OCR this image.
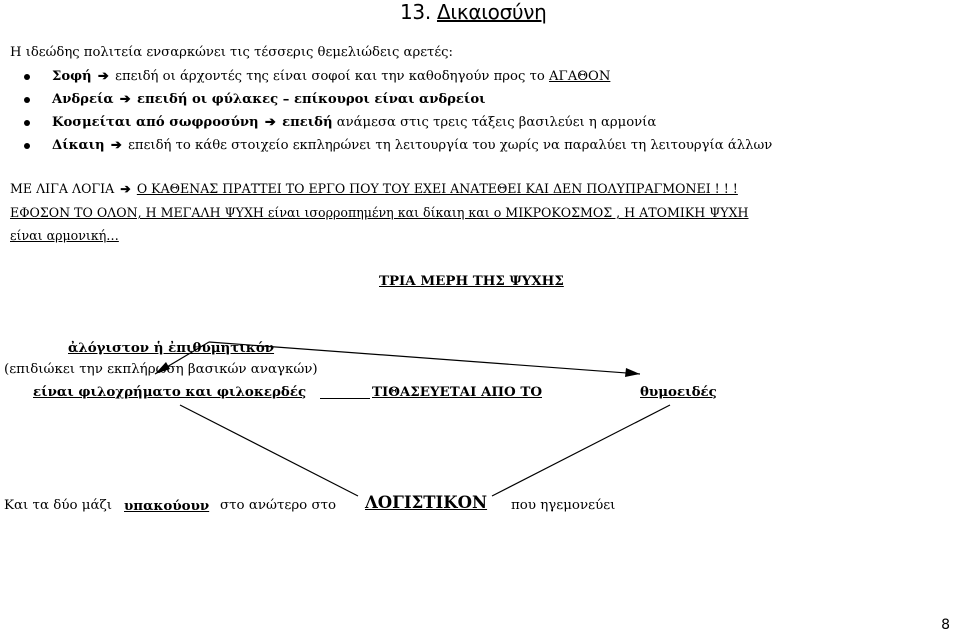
13. Δικαιοσύνη
Η ιδεώδης πολιτεία ενσαρκώνει τις τέσσερις θεμελιώδεις αρετές:
Σοφή ➔ επειδή οι άρχοντές της είναι σοφοί και την καθοδηγούν προς το ΑΓΑΘΟΝ
Ανδρεία ➔ επειδή οι φύλακες – επίκουροι είναι ανδρείοι
Κοσμείται από σωφροσύνη ➔ επειδή ανάμεσα στις τρεις τάξεις βασιλεύει η αρμονία
Δίκαιη ➔ επειδή το κάθε στοιχείο εκπληρώνει τη λειτουργία του χωρίς να παραλύει τη λειτουργία άλλων
ΜΕ ΛΙΓΑ ΛΟΓΙΑ ➔ Ο ΚΑΘΕΝΑΣ ΠΡΑΤΤΕΙ ΤΟ ΕΡΓΟ ΠΟΥ ΤΟΥ ΕΧΕΙ ΑΝΑΤΕΘΕΙ ΚΑΙ ΔΕΝ ΠΟΛΥΠΡΑΓΜΟΝΕΙ ! ! !
ΕΦΟΣΟΝ ΤΟ ΟΛΟΝ, Η ΜΕΓΑΛΗ ΨΥΧΗ είναι ισορροπημένη και δίκαιη και ο ΜΙΚΡΟΚΟΣΜΟΣ , Η ΑΤΟΜΙΚΗ ΨΥΧΗ
είναι αρμονική…
ΤΡΙΑ ΜΕΡΗ ΤΗΣ ΨΥΧΗΣ
ἀλόγιστον ἡ ἐπιθυμητικόν
(επιδιώκει την εκπλήρωση βασικών αναγκών)
είναι φιλοχρήματο και φιλοκερδές	ΤΙΘΑΣΕΥΕΤΑΙ ΑΠΟ ΤΟ	θυμοειδές
Και τα δύο μάζι υπακούουν στο ανώτερο στο ΛΟΓΙΣΤΙΚΟΝ που ηγεμονεύει
8
